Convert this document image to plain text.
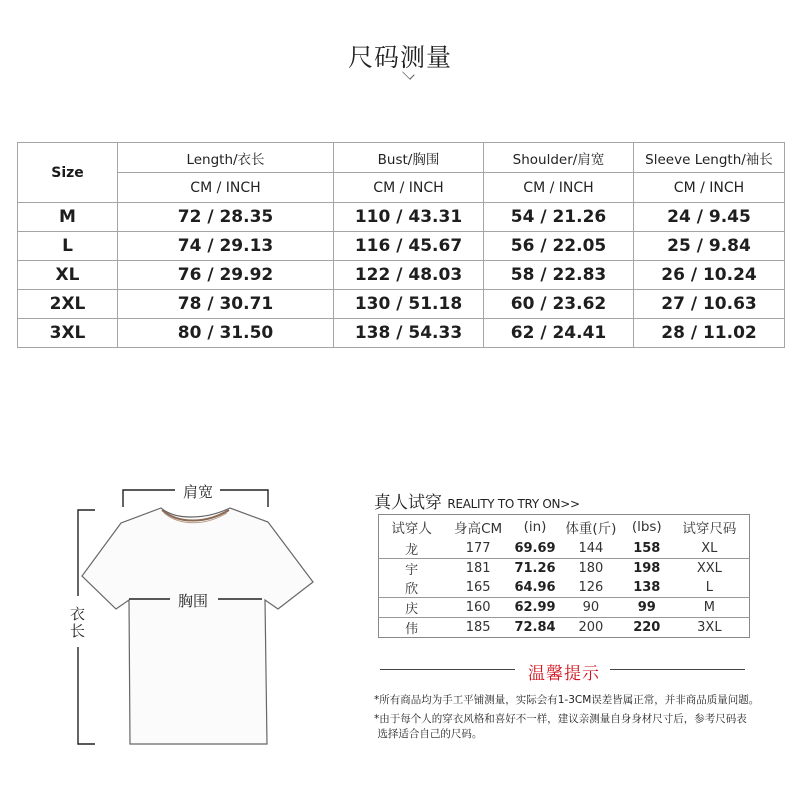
尺码测量
Size	Length/衣长	Bust/胸围	Shoulder/肩宽	Sleeve Length/袖长
	CM / INCH	CM / INCH	CM / INCH	CM / INCH
M	72 / 28.35	110 / 43.31	54 / 21.26	24 / 9.45
L	74 / 29.13	116 / 45.67	56 / 22.05	25 / 9.84
XL	76 / 29.92	122 / 48.03	58 / 22.83	26 / 10.24
2XL	78 / 30.71	130 / 51.18	60 / 23.62	27 / 10.63
3XL	80 / 31.50	138 / 54.33	62 / 24.41	28 / 11.02
肩宽
胸围
衣
长
真人试穿 REALITY TO TRY ON>>
试穿人	身高CM	(in)	体重(斤)	(lbs)	试穿尺码
龙	177	69.69	144	158	XL
宇	181	71.26	180	198	XXL
欣	165	64.96	126	138	L
庆	160	62.99	90	99	M
伟	185	72.84	200	220	3XL
温馨提示
*所有商品均为手工平铺测量，实际会有1-3CM误差皆属正常，并非商品质量问题。
*由于每个人的穿衣风格和喜好不一样，建议亲测量自身身材尺寸后，参考尺码表
选择适合自己的尺码。
